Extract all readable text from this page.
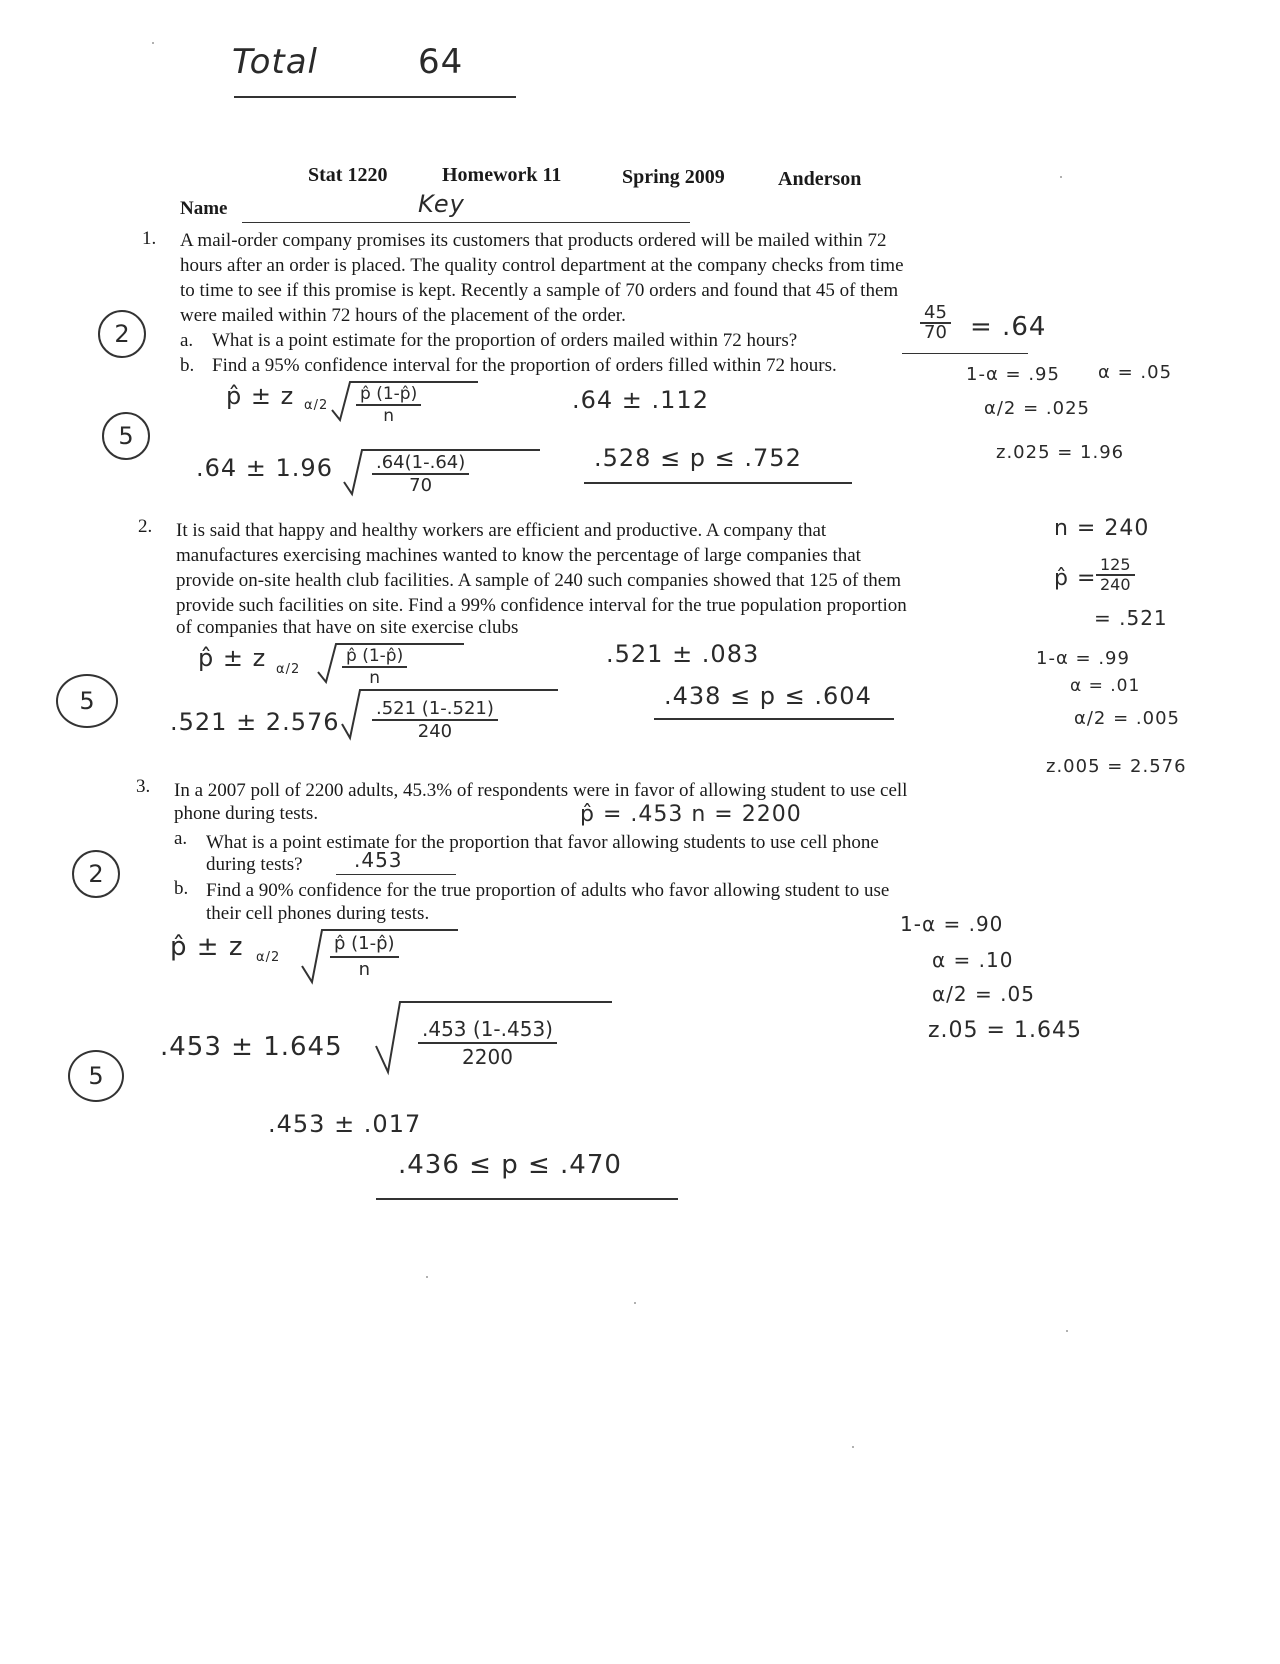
Total	64
Stat 1220	Homework 11	Spring 2009	Anderson
Name	Key
1. A mail-order company promises its customers that products ordered will be mailed within 72
hours after an order is placed. The quality control department at the company checks from time
to time to see if this promise is kept. Recently a sample of 70 orders and found that 45 of them
were mailed within 72 hours of the placement of the order.
a. What is a point estimate for the proportion of orders mailed within 72 hours?
b. Find a 95% confidence interval for the proportion of orders filled within 72 hours.
2
5
$\frac{45}{70} = .64$
p̂ ± z $\alpha/2 \frac{p̂ (1-p̂)}{n}$	.64 ± .112
$.64 \pm 1.96 \frac{.64(1-.64)}{70}$	.528 ≤ p ≤ .752
1-α = .95 α = .05
α/2 = .025
z.025 = 1.96
2. It is said that happy and healthy workers are efficient and productive. A company that
manufactures exercising machines wanted to know the percentage of large companies that
provide on-site health club facilities. A sample of 240 such companies showed that 125 of them
provide such facilities on site. Find a 99% confidence interval for the true population proportion
of companies that have on site exercise clubs
5
p̂ ± z $\alpha/2 \frac{p̂ (1-p̂)}{n}$	.521 ± .083
.438 ≤ p ≤ .604
$.521 \pm 2.576 \frac{.521 (1-.521)}{240}$
n = 240
p̂ = $\frac{125}{240}$
= .521
1-α = .99
α = .01
α/2 = .005
z.005 = 2.576
3. In a 2007 poll of 2200 adults, 45.3% of respondents were in favor of allowing student to use cell
phone during tests.	p̂ = .453 n = 2200
a. What is a point estimate for the proportion that favor allowing students to use cell phone
during tests?	.453
b. Find a 90% confidence for the true proportion of adults who favor allowing student to use
their cell phones during tests.
2
5
p̂ ± z α/2	$\frac{p̂ (1-p̂)}{n}$
.453 ± 1.645	$\frac{.453 (1-.453)}{2200}$
.453 ± .017
.436 ≤ p ≤ .470
1-α = .90
α = .10
α/2 = .05
z.05 = 1.645
